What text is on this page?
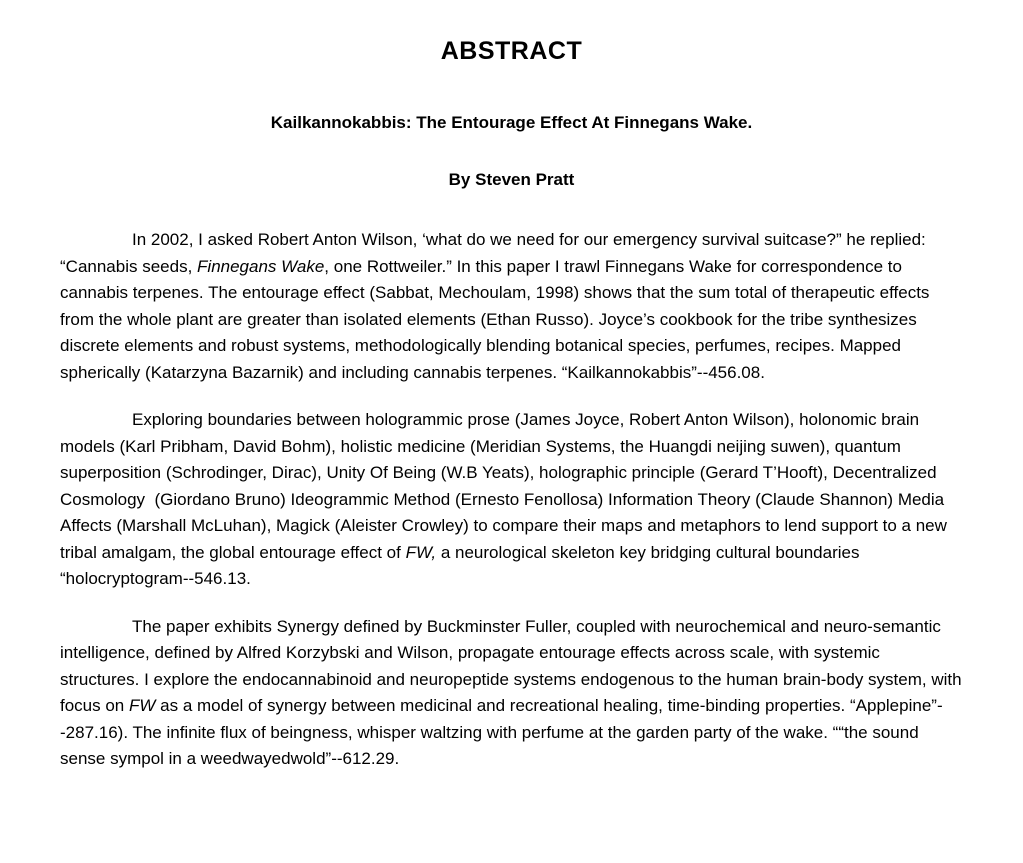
ABSTRACT
Kailkannokabbis: The Entourage Effect At Finnegans Wake.
By Steven Pratt

In 2002, I asked Robert Anton Wilson, ‘what do we need for our emergency survival suitcase?” he replied: “Cannabis seeds, Finnegans Wake, one Rottweiler.” In this paper I trawl Finnegans Wake for correspondence to cannabis terpenes. The entourage effect (Sabbat, Mechoulam, 1998) shows that the sum total of therapeutic effects from the whole plant are greater than isolated elements (Ethan Russo). Joyce’s cookbook for the tribe synthesizes discrete elements and robust systems, methodologically blending botanical species, perfumes, recipes. Mapped spherically (Katarzyna Bazarnik) and including cannabis terpenes. “Kailkannokabbis”--456.08.

Exploring boundaries between hologrammic prose (James Joyce, Robert Anton Wilson), holonomic brain models (Karl Pribham, David Bohm), holistic medicine (Meridian Systems, the Huangdi neijing suwen), quantum superposition (Schrodinger, Dirac), Unity Of Being (W.B Yeats), holographic principle (Gerard T’Hooft), Decentralized Cosmology  (Giordano Bruno) Ideogrammic Method (Ernesto Fenollosa) Information Theory (Claude Shannon) Media Affects (Marshall McLuhan), Magick (Aleister Crowley) to compare their maps and metaphors to lend support to a new tribal amalgam, the global entourage effect of FW, a neurological skeleton key bridging cultural boundaries “holocryptogram--546.13.

The paper exhibits Synergy defined by Buckminster Fuller, coupled with neurochemical and neuro-semantic intelligence, defined by Alfred Korzybski and Wilson, propagate entourage effects across scale, with systemic structures. I explore the endocannabinoid and neuropeptide systems endogenous to the human brain-body system, with focus on FW as a model of synergy between medicinal and recreational healing, time-binding properties. “Applepine”--287.16). The infinite flux of beingness, whisper waltzing with perfume at the garden party of the wake. ““the sound sense sympol in a weedwayedwold”--612.29.
